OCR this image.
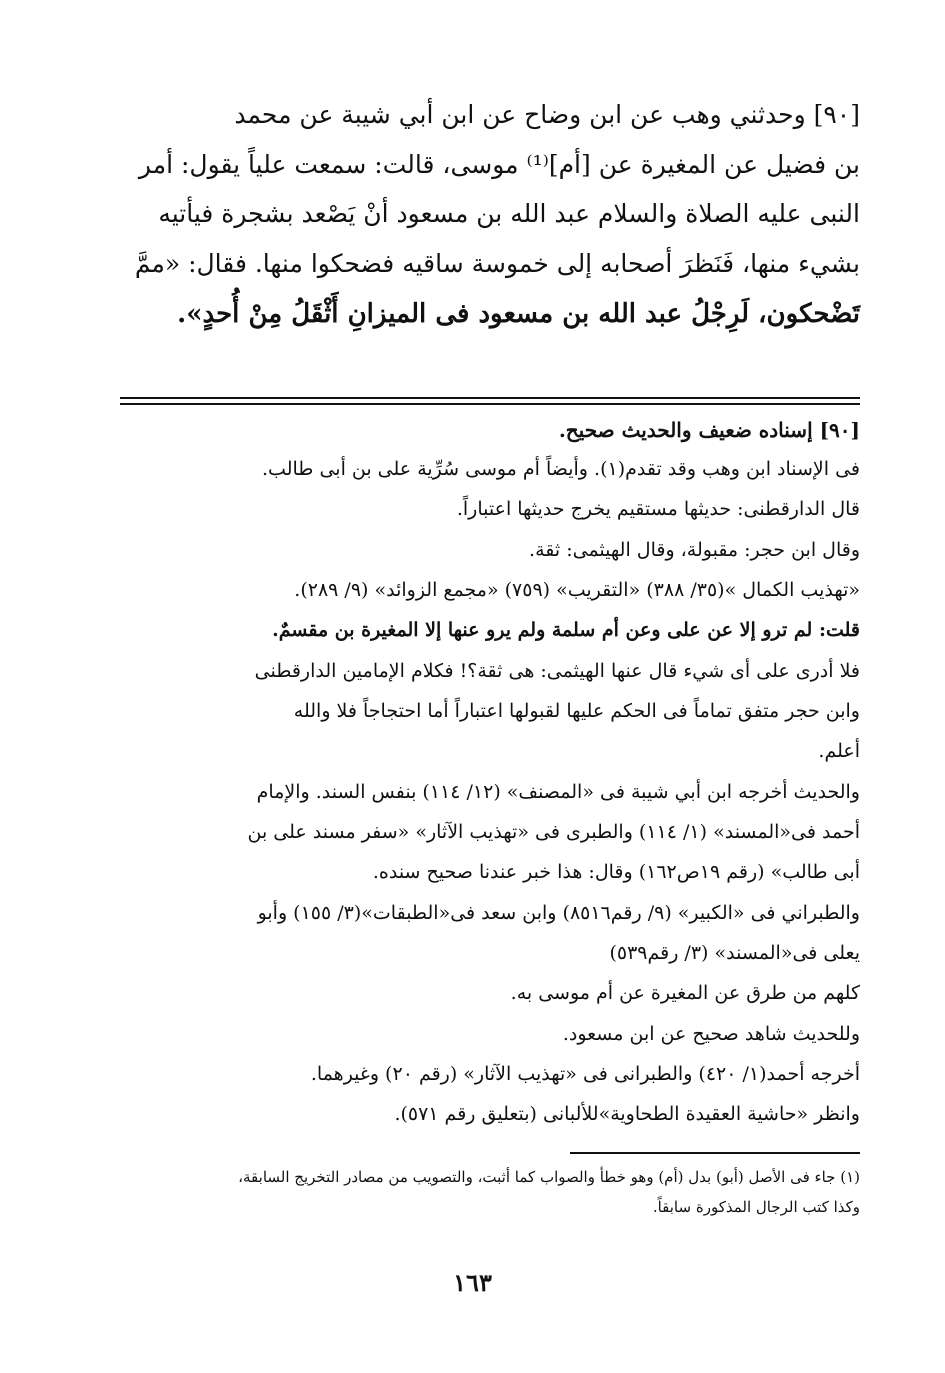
[٩٠] وحدثني وهب عن ابن وضاح عن ابن أبي شيبة عن محمد
بن فضيل عن المغيرة عن [أم]⁽¹⁾ موسى، قالت: سمعت علياً يقول: أمر
النبى عليه الصلاة والسلام عبد الله بن مسعود أنْ يَصْعد بشجرة فيأتيه
بشيء منها، فَنَظرَ أصحابه إلى خموسة ساقيه فضحكوا منها. فقال: «ممَّ
تَضْحكون، لَرِجْلُ عبد الله بن مسعود فى الميزانِ أَثْقَلُ مِنْ أُحدٍ».
[٩٠] إسناده ضعيف والحديث صحيح.
فى الإسناد ابن وهب وقد تقدم(١). وأيضاً أم موسى سُرِّية على بن أبى طالب.
قال الدارقطنى: حديثها مستقيم يخرج حديثها اعتباراً.
وقال ابن حجر: مقبولة، وقال الهيثمى: ثقة.
«تهذيب الكمال »(٣٥/ ٣٨٨) «التقريب» (٧٥٩) «مجمع الزوائد» (٩/ ٢٨٩).
قلت: لم ترو إلا عن على وعن أم سلمة ولم يرو عنها إلا المغيرة بن مقسمٌ.
فلا أدرى على أى شيء قال عنها الهيثمى: هى ثقة؟! فكلام الإمامين الدارقطنى
وابن حجر متفق تماماً فى الحكم عليها لقبولها اعتباراً أما احتجاجاً فلا والله
أعلم.
والحديث أخرجه ابن أبي شيبة فى «المصنف» (١٢/ ١١٤) بنفس السند. والإمام
أحمد فى«المسند» (١/ ١١٤) والطبرى فى «تهذيب الآثار» «سفر مسند على بن
أبى طالب» (رقم ١٩ص١٦٢) وقال: هذا خبر عندنا صحيح سنده.
والطبراني فى «الكبير» (٩/ رقم٨٥١٦) وابن سعد فى«الطبقات»(٣/ ١٥٥) وأبو
يعلى فى«المسند» (٣/ رقم٥٣٩)
كلهم من طرق عن المغيرة عن أم موسى به.
وللحديث شاهد صحيح عن ابن مسعود.
أخرجه أحمد(١/ ٤٢٠) والطبرانى فى «تهذيب الآثار» (رقم ٢٠) وغيرهما.
وانظر «حاشية العقيدة الطحاوية»للألبانى (بتعليق رقم ٥٧١).
(١) جاء فى الأصل (أبو) بدل (أم) وهو خطأ والصواب كما أثبت، والتصويب من مصادر التخريج السابقة،
وكذا كتب الرجال المذكورة سابقاً.
١٦٣
